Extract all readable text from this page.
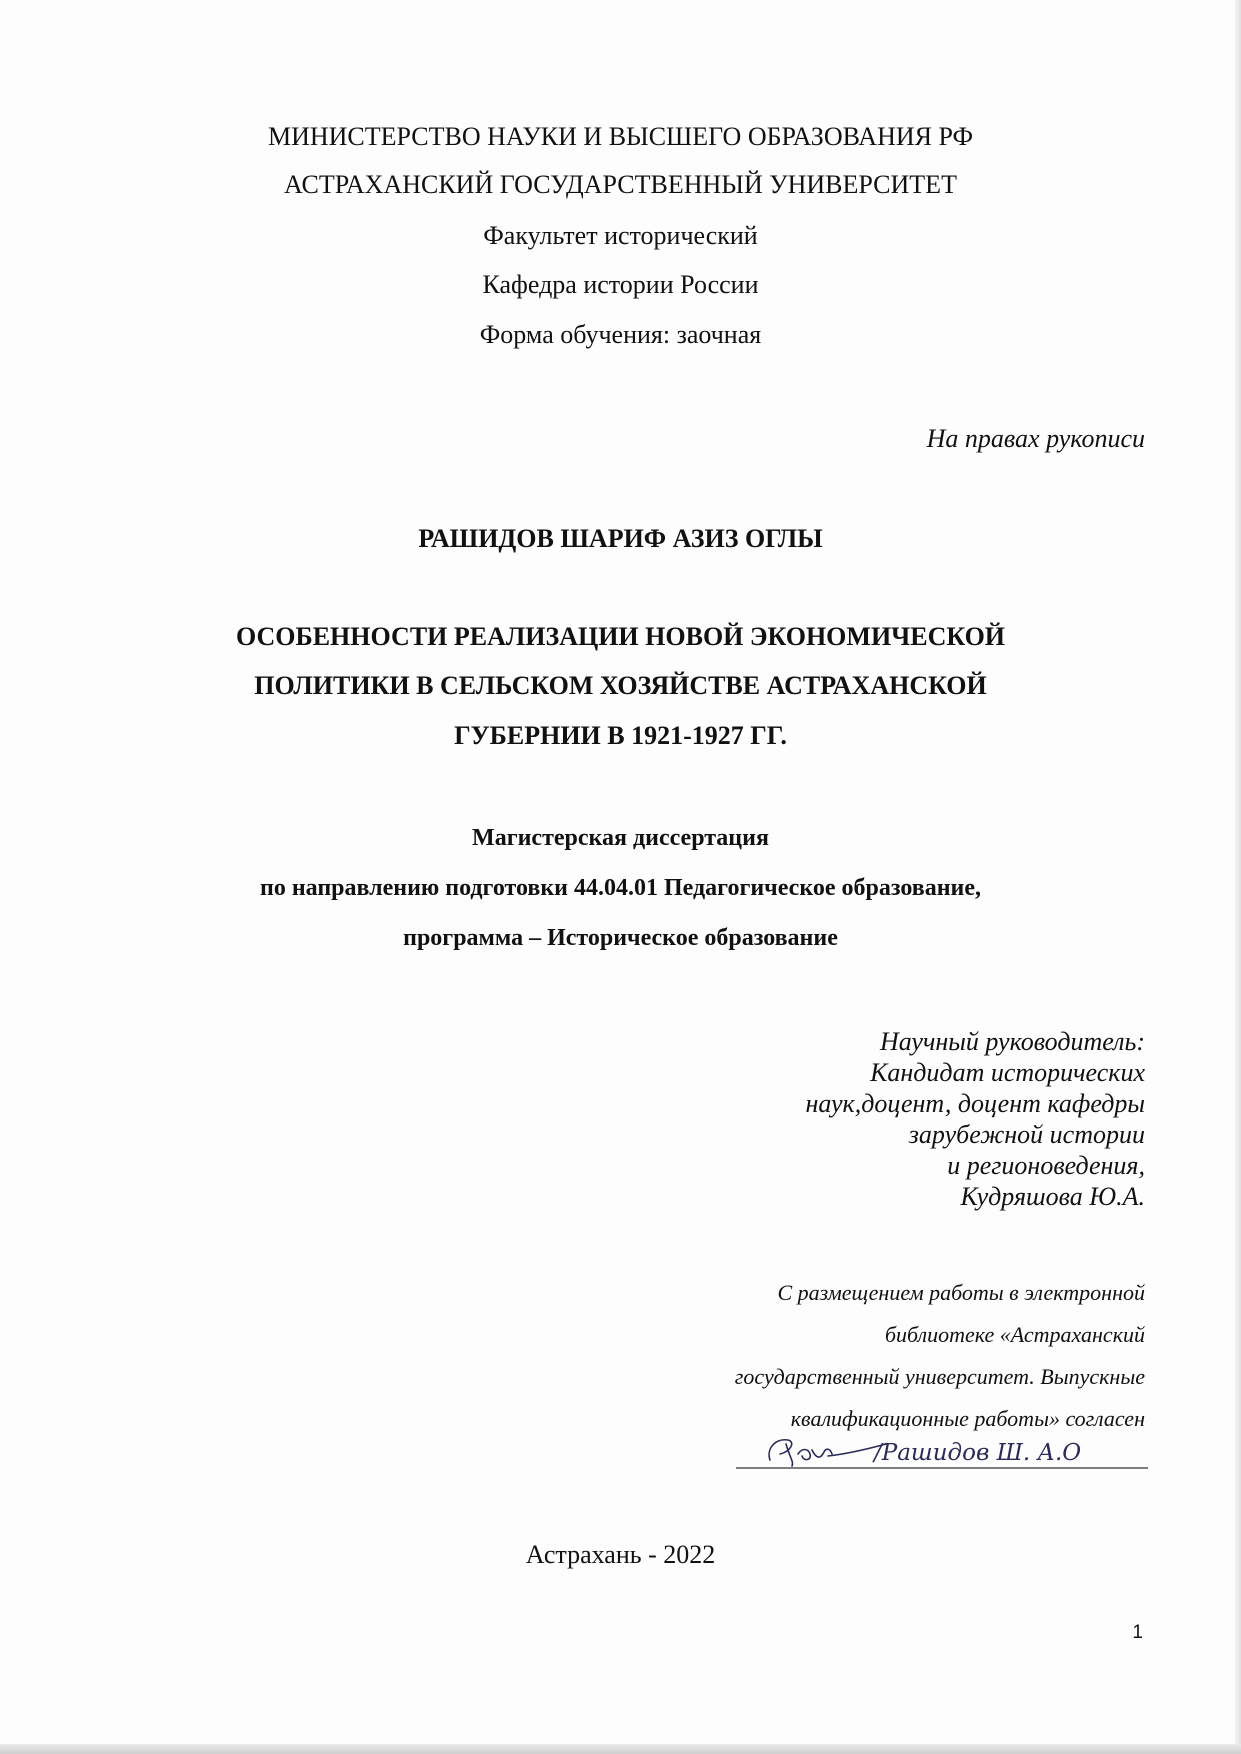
МИНИСТЕРСТВО НАУКИ И ВЫСШЕГО ОБРАЗОВАНИЯ РФ
АСТРАХАНСКИЙ ГОСУДАРСТВЕННЫЙ УНИВЕРСИТЕТ
Факультет исторический
Кафедра истории России
Форма обучения: заочная
На правах рукописи
РАШИДОВ ШАРИФ АЗИЗ ОГЛЫ
ОСОБЕННОСТИ РЕАЛИЗАЦИИ НОВОЙ ЭКОНОМИЧЕСКОЙ
ПОЛИТИКИ В СЕЛЬСКОМ ХОЗЯЙСТВЕ АСТРАХАНСКОЙ
ГУБЕРНИИ В 1921-1927 ГГ.
Магистерская диссертация
по направлению подготовки 44.04.01 Педагогическое образование,
программа – Историческое образование
Научный руководитель:
Кандидат исторических
наук,доцент, доцент кафедры
зарубежной истории
и регионоведения,
Кудряшова Ю.А.
С размещением работы в электронной
библиотеке «Астраханский
государственный университет. Выпускные
квалификационные работы» согласен
/Рашидов Ш. А.О
Астрахань - 2022
1
